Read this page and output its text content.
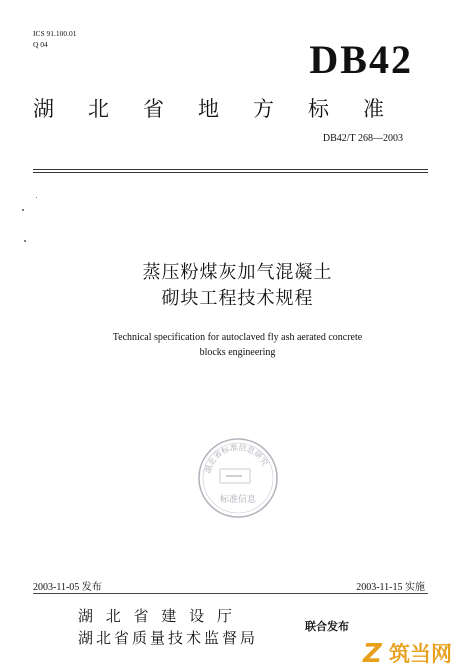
ICS 91.100.01
Q 04	DB42
湖北省地方标准
DB42/T 268—2003
蒸压粉煤灰加气混凝土
砌块工程技术规程
Technical specification for autoclaved fly ash aerated concrete
blocks engineering
湖北省标准信息研究
标准信息
2003-11-05 发布	2003-11-15 实施
湖 北 省 建 设 厅
湖北省质量技术监督局
联合发布
Z 筑当网
